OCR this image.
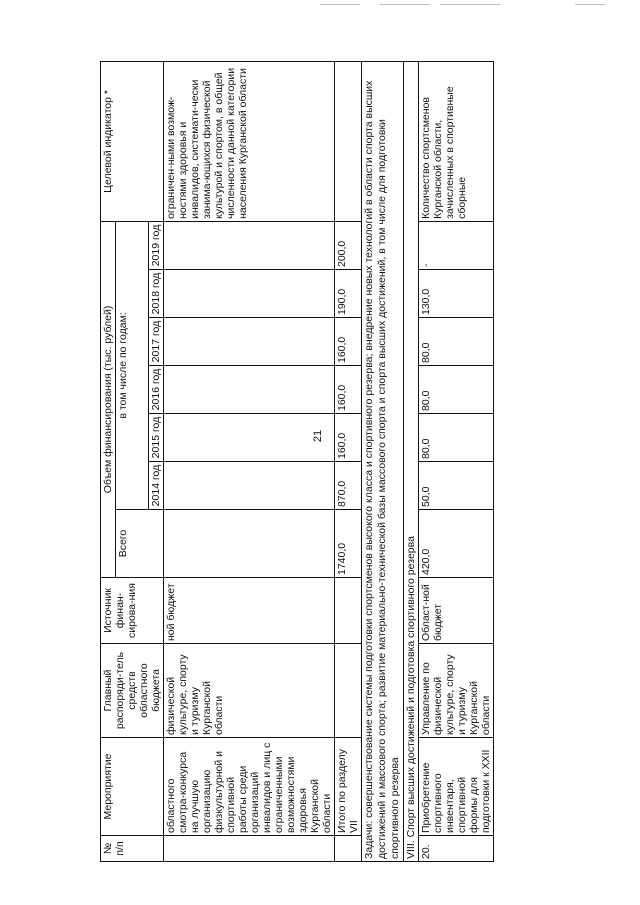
21
№ п/п	Мероприятие	Главный распоряди-тель средств областного бюджета	Источник финан-сирова-ния	Объем финансирования (тыс. рублей)							Целевой индикатор *
				Всего	в том числе по годам:						
					2014 год	2015 год	2016 год	2017 год	2018 год	2019 год	
	областного смотра-конкурса на лучшую организацию физкультурной и спортивной работы среди организаций инвалидов и лиц с ограниченными возможностями здоровья Курганской области	физической культуре, спорту и туризму Курганской области	ной бюджет								ограничен-ными возмож-ностями здоровья и инвалидов, системати-чески занима-ющихся физической культурой и спортом, в общей численности данной категории населения Курганской области
	Итого по разделу VII			1740,0	870,0	160,0	160,0	160,0	190,0	200,0	
Задачи: совершенствование системы подготовки спортсменов высокого класса и спортивного резерва; внедрение новых технологий в области спорта высших достижений и массового спорта; развитие материально-технической базы массового спорта и спорта высших достижений, в том числе для подготовки спортивного резерва											
VIII. Спорт высших достижений и подготовка спортивного резерва											
20.	Приобретение спортивного инвентаря, спортивной формы для подготовки к XXII	Управление по физической культуре, спорту и туризму Курганской области	Област-ной бюджет	420,0	50,0	80,0	80,0	80,0	130,0	-	Количество спортсменов Курганской области, зачисленных в спортивные сборные
